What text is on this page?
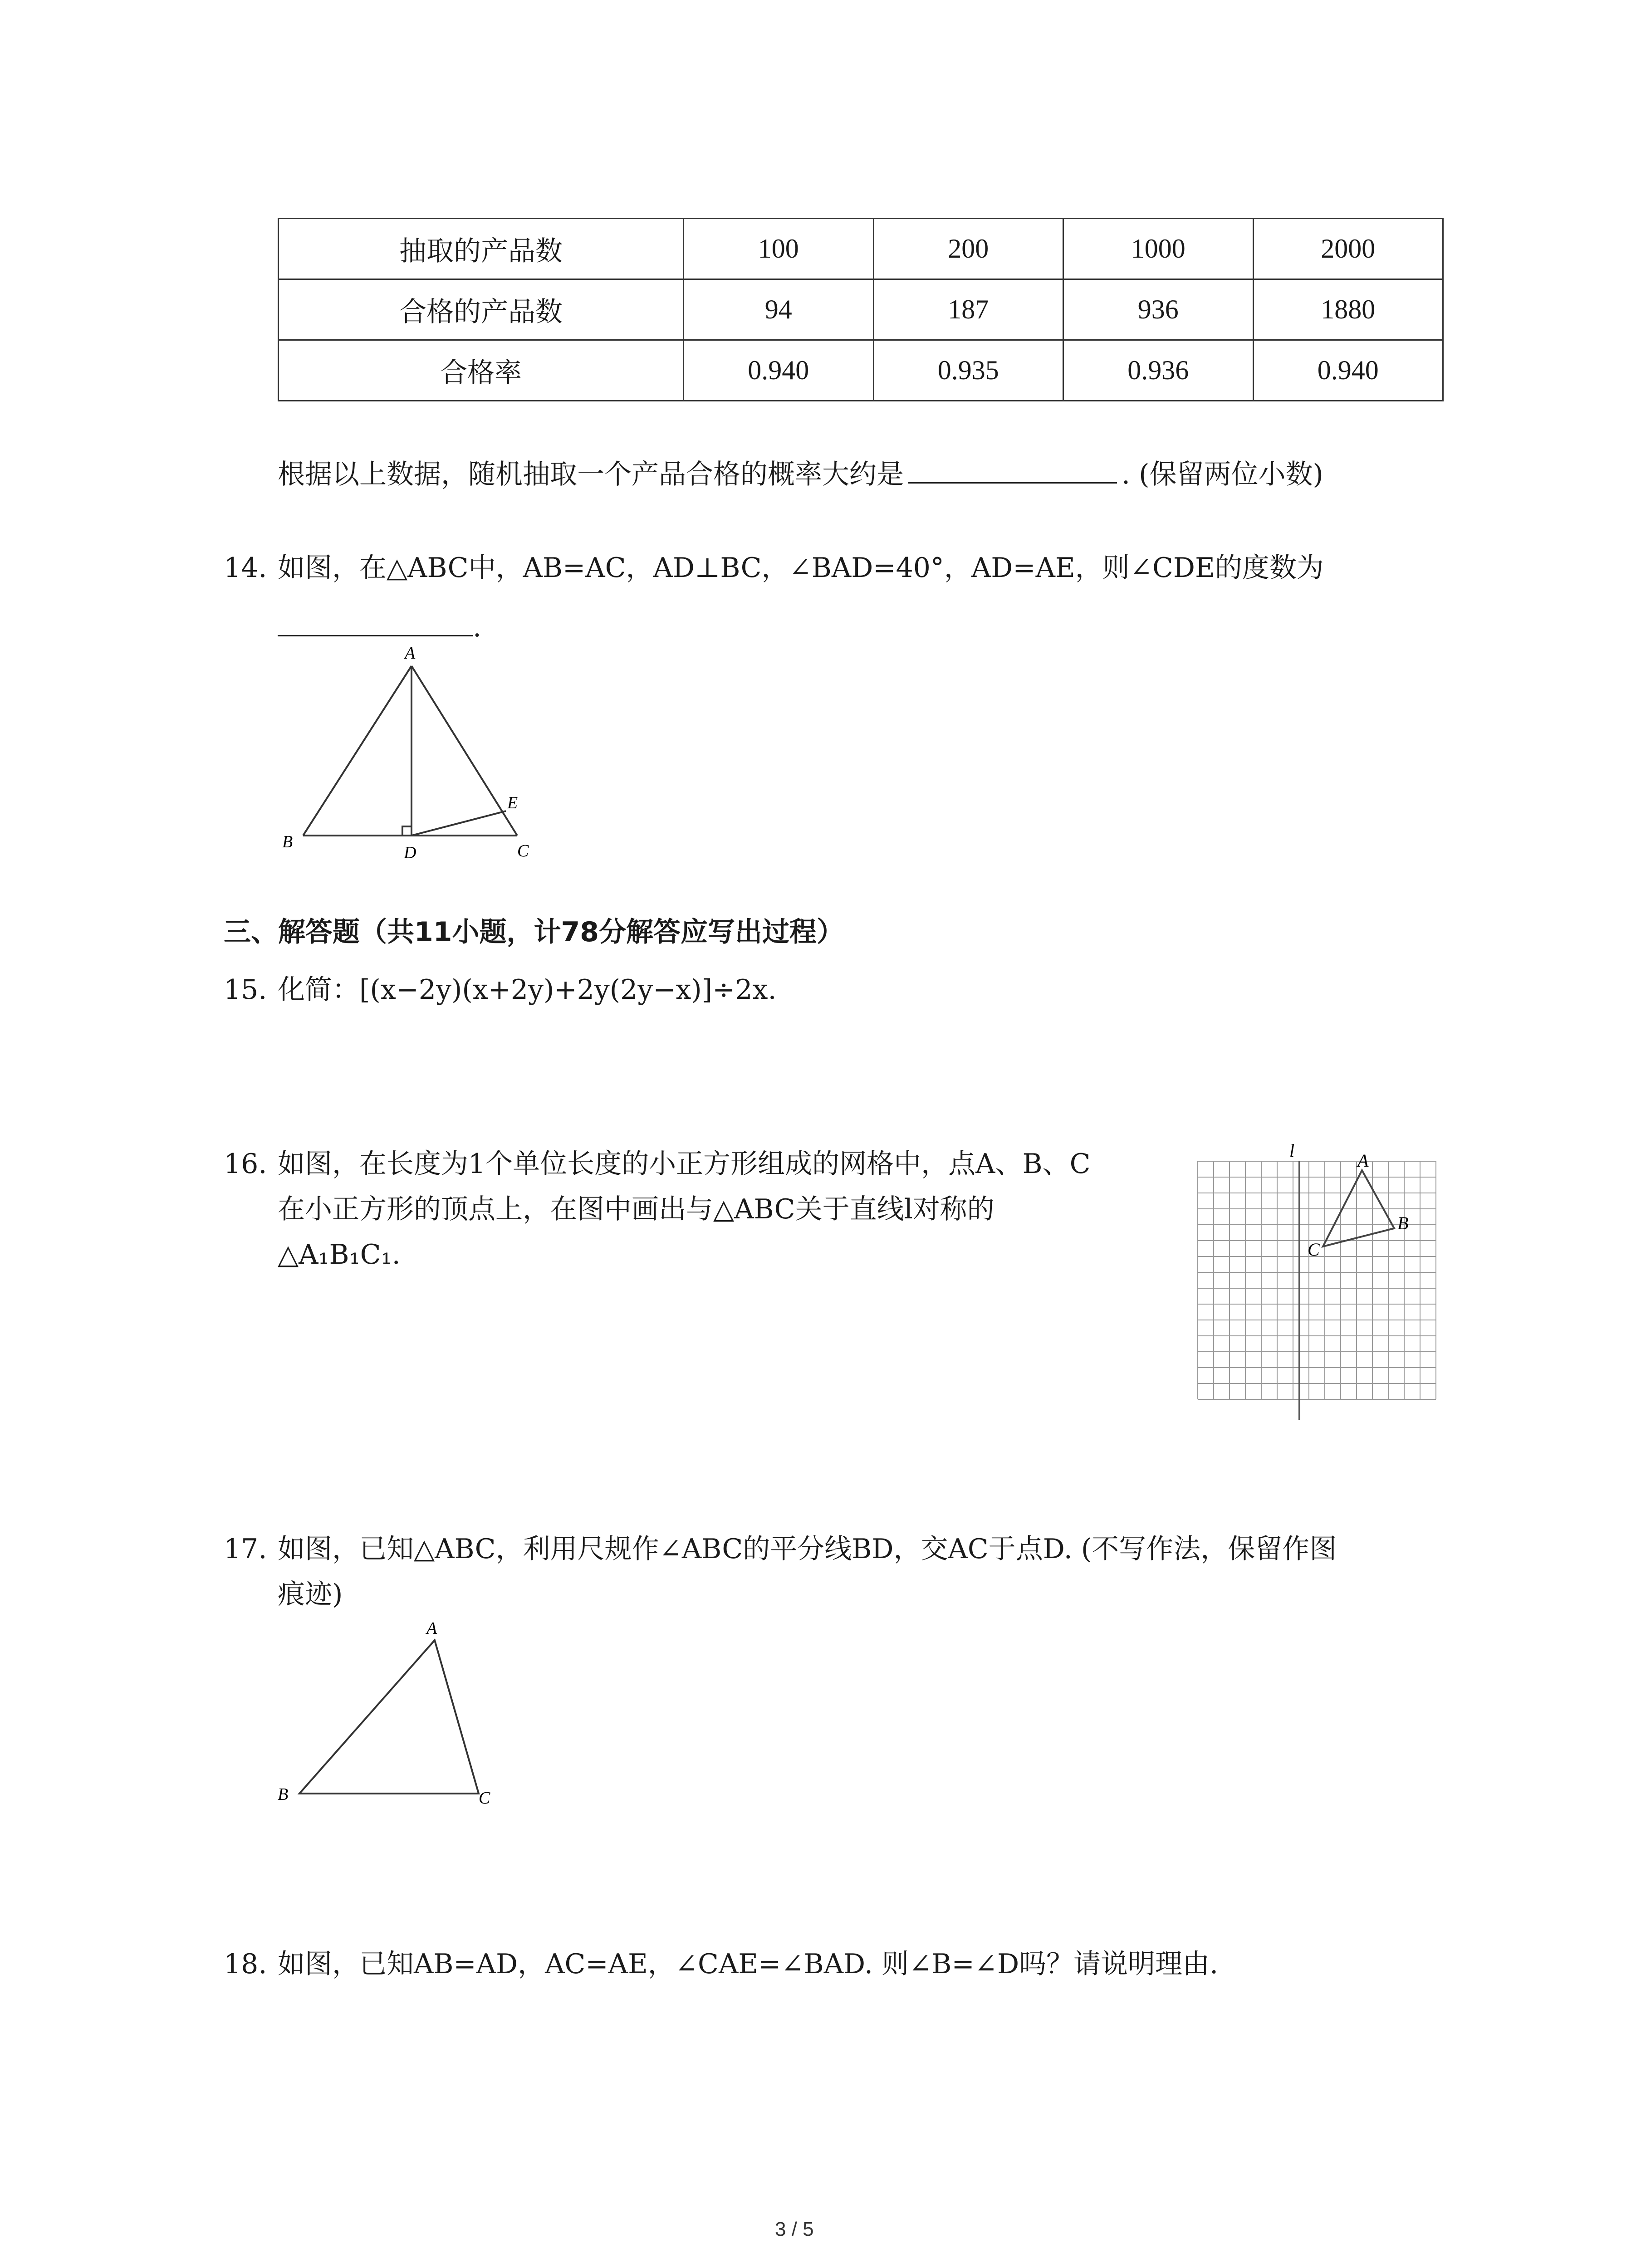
抽取的产品数	100	200	1000	2000
合格的产品数	94	187	936	1880
合格率	0.940	0.935	0.936	0.940
根据以上数据，随机抽取一个产品合格的概率大约是	. (保留两位小数)
14. 如图，在△ABC中，AB=AC，AD⊥BC，∠BAD=40°，AD=AE，则∠CDE的度数为
.
A
B
D	C
E
三、解答题（共11小题，计78分解答应写出过程）
15. 化简：[(x−2y)(x+2y)+2y(2y−x)]÷2x.
16. 如图，在长度为1个单位长度的小正方形组成的网格中，点A、B、C
在小正方形的顶点上，在图中画出与△ABC关于直线l对称的
△A₁B₁C₁.
l	A
B
C
17. 如图，已知△ABC，利用尺规作∠ABC的平分线BD，交AC于点D. (不写作法，保留作图
痕迹)
A
B	C
18. 如图，已知AB=AD，AC=AE，∠CAE=∠BAD. 则∠B=∠D吗？请说明理由.
3 / 5
